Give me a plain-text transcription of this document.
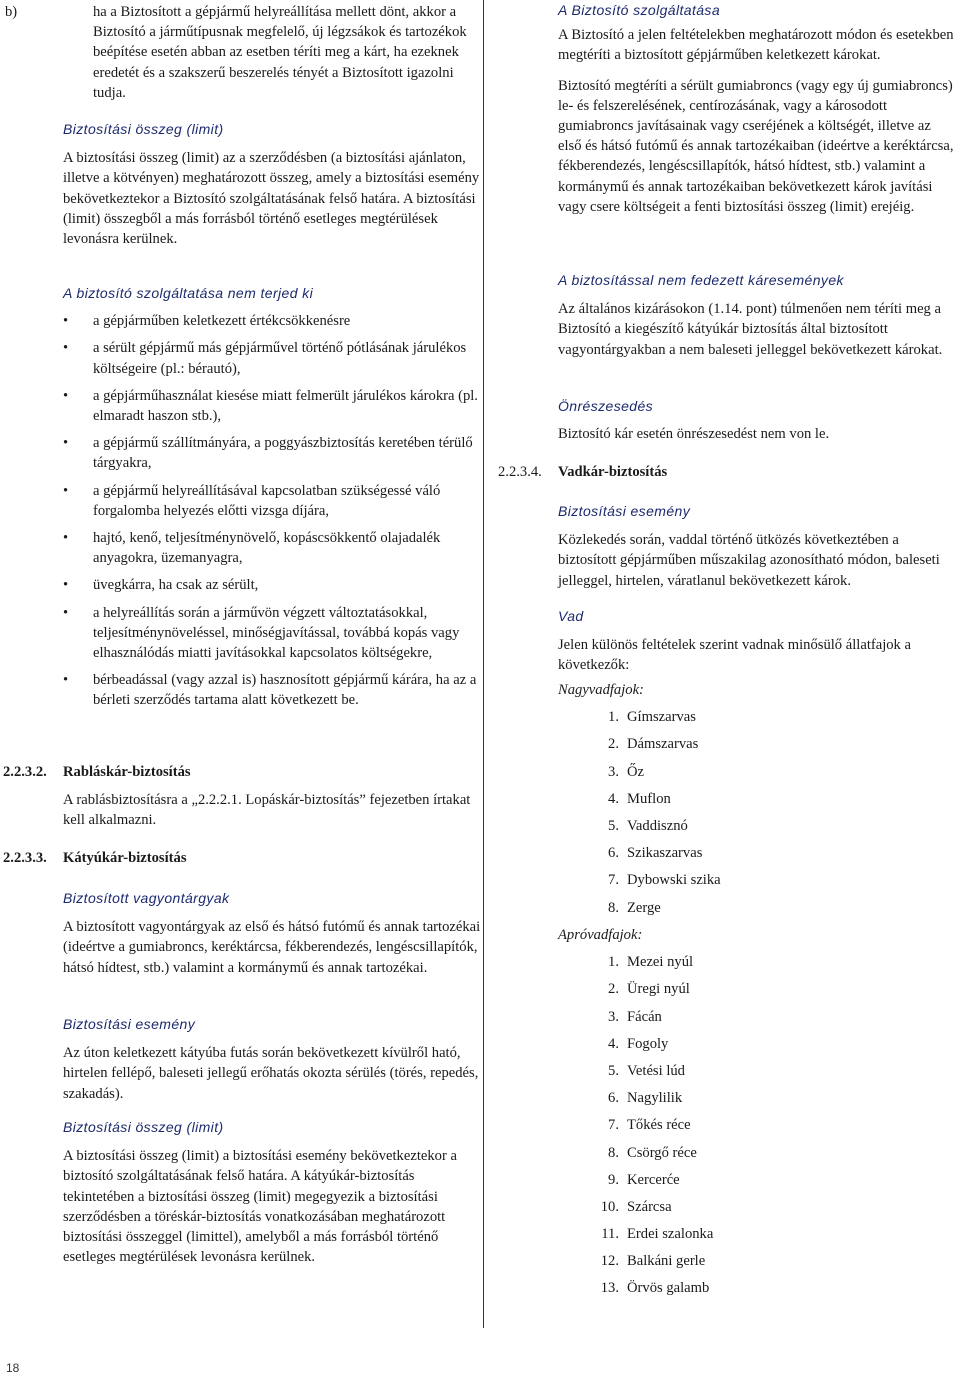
b)	ha a Biztosított a gépjármű helyreállítása mellett dönt, akkor a Biztosító a járműtípusnak megfelelő, új légzsákok és tartozékok beépítése esetén abban az esetben téríti meg a kárt, ha ezeknek eredetét és a szakszerű beszerelés tényét a Biztosított igazolni tudja.

Biztosítási összeg (limit)

A biztosítási összeg (limit) az a szerződésben (a biztosítási ajánlaton, illetve a kötvényen) meghatározott összeg, amely a biztosítási esemény bekövetkeztekor a Biztosító szolgáltatásának felső határa. A biztosítási (limit) összegből a más forrásból történő esetleges megtérülések levonásra kerülnek.

A biztosító szolgáltatása nem terjed ki

• a gépjárműben keletkezett értékcsökkenésre
• a sérült gépjármű más gépjárművel történő pótlásának járulékos költségeire (pl.: bérautó),
• a gépjárműhasználat kiesése miatt felmerült járulékos károkra (pl. elmaradt haszon stb.),
• a gépjármű szállítmányára, a poggyászbiztosítás keretében térülő tárgyakra,
• a gépjármű helyreállításával kapcsolatban szükségessé váló forgalomba helyezés előtti vizsga díjára,
• hajtó, kenő, teljesítménynövelő, kopáscsökkentő olajadalék anyagokra, üzemanyagra,
• üvegkárra, ha csak az sérült,
• a helyreállítás során a járművön végzett változtatásokkal, teljesítménynöveléssel, minőségjavítással, továbbá kopás vagy elhasználódás miatti javításokkal kapcsolatos költségekre,
• bérbeadással (vagy azzal is) hasznosított gépjármű kárára, ha az a bérleti szerződés tartama alatt következett be.
2.2.3.2. Rabláskár-biztosítás

A rablásbiztosításra a „2.2.2.1. Lopáskár-biztosítás” fejezetben írtakat kell alkalmazni.

2.2.3.3. Kátyúkár-biztosítás

Biztosított vagyontárgyak

A biztosított vagyontárgyak az első és hátsó futómű és annak tartozékai (ideértve a gumiabroncs, keréktárcsa, fékberendezés, lengéscsillapítók, hátsó hídtest, stb.) valamint a kormánymű és annak tartozékai.

Biztosítási esemény

Az úton keletkezett kátyúba futás során bekövetkezett kívülről ható, hirtelen fellépő, baleseti jellegű erőhatás okozta sérülés (törés, repedés, szakadás).

Biztosítási összeg (limit)

A biztosítási összeg (limit) a biztosítási esemény bekövetkeztekor a biztosító szolgáltatásának felső határa. A kátyúkár-biztosítás tekintetében a biztosítási összeg (limit) megegyezik a biztosítási szerződésben a töréskár-biztosítás vonatkozásában meghatározott biztosítási összeggel (limittel), amelyből a más forrásból történő esetleges megtérülések levonásra kerülnek.

A Biztosító szolgáltatása

A Biztosító a jelen feltételekben meghatározott módon és esetekben megtéríti a biztosított gépjárműben keletkezett károkat.

Biztosító megtéríti a sérült gumiabroncs (vagy egy új gumiabroncs) le- és felszerelésének, centírozásának, vagy a károsodott gumiabroncs javításainak vagy cseréjének a költségét, illetve az első és hátsó futómű és annak tartozékaiban (ideértve a keréktárcsa, fékberendezés, lengéscsillapítók, hátsó hídtest, stb.) valamint a kormánymű és annak tartozékaiban bekövetkezett károk javítási vagy csere költségeit a fenti biztosítási összeg (limit) erejéig.

A biztosítással nem fedezett káresemények

Az általános kizárásokon (1.14. pont) túlmenően nem téríti meg a Biztosító a kiegészítő kátyúkár biztosítás által biztosított vagyontárgyakban a nem baleseti jelleggel bekövetkezett károkat.

Önrészesedés

Biztosító kár esetén önrészesedést nem von le.

2.2.3.4. Vadkár-biztosítás

Biztosítási esemény

Közlekedés során, vaddal történő ütközés következtében a biztosított gépjárműben műszakilag azonosítható módon, baleseti jelleggel, hirtelen, váratlanul bekövetkezett károk.

Vad

Jelen különös feltételek szerint vadnak minősülő állatfajok a következők:

Nagyvadfajok:

1. Gímszarvas
2. Dámszarvas
3. Őz
4. Muflon
5. Vaddisznó
6. Szikaszarvas
7. Dybowski szika
8. Zerge

Apróvadfajok:

1. Mezei nyúl
2. Üregi nyúl
3. Fácán
4. Fogoly
5. Vetési lúd
6. Nagylilik
7. Tőkés réce
8. Csörgő réce
9. Kercerće
10. Szárcsa
11. Erdei szalonka
12. Balkáni gerle
13. Örvös galamb
18
